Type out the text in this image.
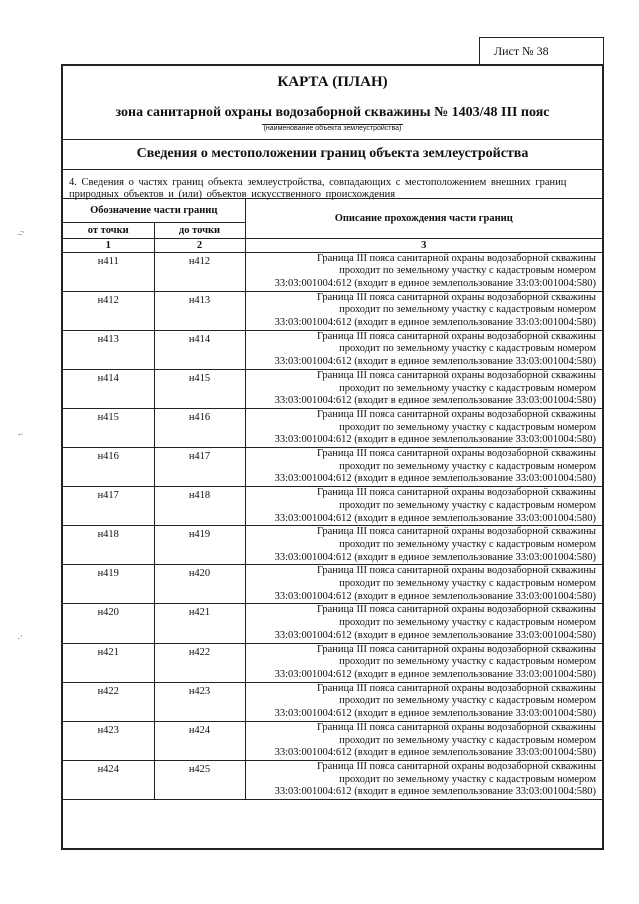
Лист № 38
.:·
-·
.·
КАРТА (ПЛАН)
зона санитарной охраны водозаборной скважины № 1403/48 III пояс
(наименование объекта землеустройства)
Сведения о местоположении границ объекта землеустройства
4. Сведения о частях границ объекта землеустройства, совпадающих с местоположением внешних границ природных объектов и (или) объектов искусственного происхождения
Обозначение части границ		Описание прохождения части границ
от точки	до точки	
1	2	3
н411	н412	Граница III пояса санитарной охраны водозаборной скважины
проходит по земельному участку с кадастровым номером
33:03:001004:612 (входит в единое землепользование 33:03:001004:580)

н412	н413	Граница III пояса санитарной охраны водозаборной скважины
проходит по земельному участку с кадастровым номером
33:03:001004:612 (входит в единое землепользование 33:03:001004:580)

н413	н414	Граница III пояса санитарной охраны водозаборной скважины
проходит по земельному участку с кадастровым номером
33:03:001004:612 (входит в единое землепользование 33:03:001004:580)

н414	н415	Граница III пояса санитарной охраны водозаборной скважины
проходит по земельному участку с кадастровым номером
33:03:001004:612 (входит в единое землепользование 33:03:001004:580)

н415	н416	Граница III пояса санитарной охраны водозаборной скважины
проходит по земельному участку с кадастровым номером
33:03:001004:612 (входит в единое землепользование 33:03:001004:580)

н416	н417	Граница III пояса санитарной охраны водозаборной скважины
проходит по земельному участку с кадастровым номером
33:03:001004:612 (входит в единое землепользование 33:03:001004:580)

н417	н418	Граница III пояса санитарной охраны водозаборной скважины
проходит по земельному участку с кадастровым номером
33:03:001004:612 (входит в единое землепользование 33:03:001004:580)

н418	н419	Граница III пояса санитарной охраны водозаборной скважины
проходит по земельному участку с кадастровым номером
33:03:001004:612 (входит в единое землепользование 33:03:001004:580)

н419	н420	Граница III пояса санитарной охраны водозаборной скважины
проходит по земельному участку с кадастровым номером
33:03:001004:612 (входит в единое землепользование 33:03:001004:580)

н420	н421	Граница III пояса санитарной охраны водозаборной скважины
проходит по земельному участку с кадастровым номером
33:03:001004:612 (входит в единое землепользование 33:03:001004:580)

н421	н422	Граница III пояса санитарной охраны водозаборной скважины
проходит по земельному участку с кадастровым номером
33:03:001004:612 (входит в единое землепользование 33:03:001004:580)

н422	н423	Граница III пояса санитарной охраны водозаборной скважины
проходит по земельному участку с кадастровым номером
33:03:001004:612 (входит в единое землепользование 33:03:001004:580)

н423	н424	Граница III пояса санитарной охраны водозаборной скважины
проходит по земельному участку с кадастровым номером
33:03:001004:612 (входит в единое землепользование 33:03:001004:580)

н424	н425	Граница III пояса санитарной охраны водозаборной скважины
проходит по земельному участку с кадастровым номером
33:03:001004:612 (входит в единое землепользование 33:03:001004:580)
